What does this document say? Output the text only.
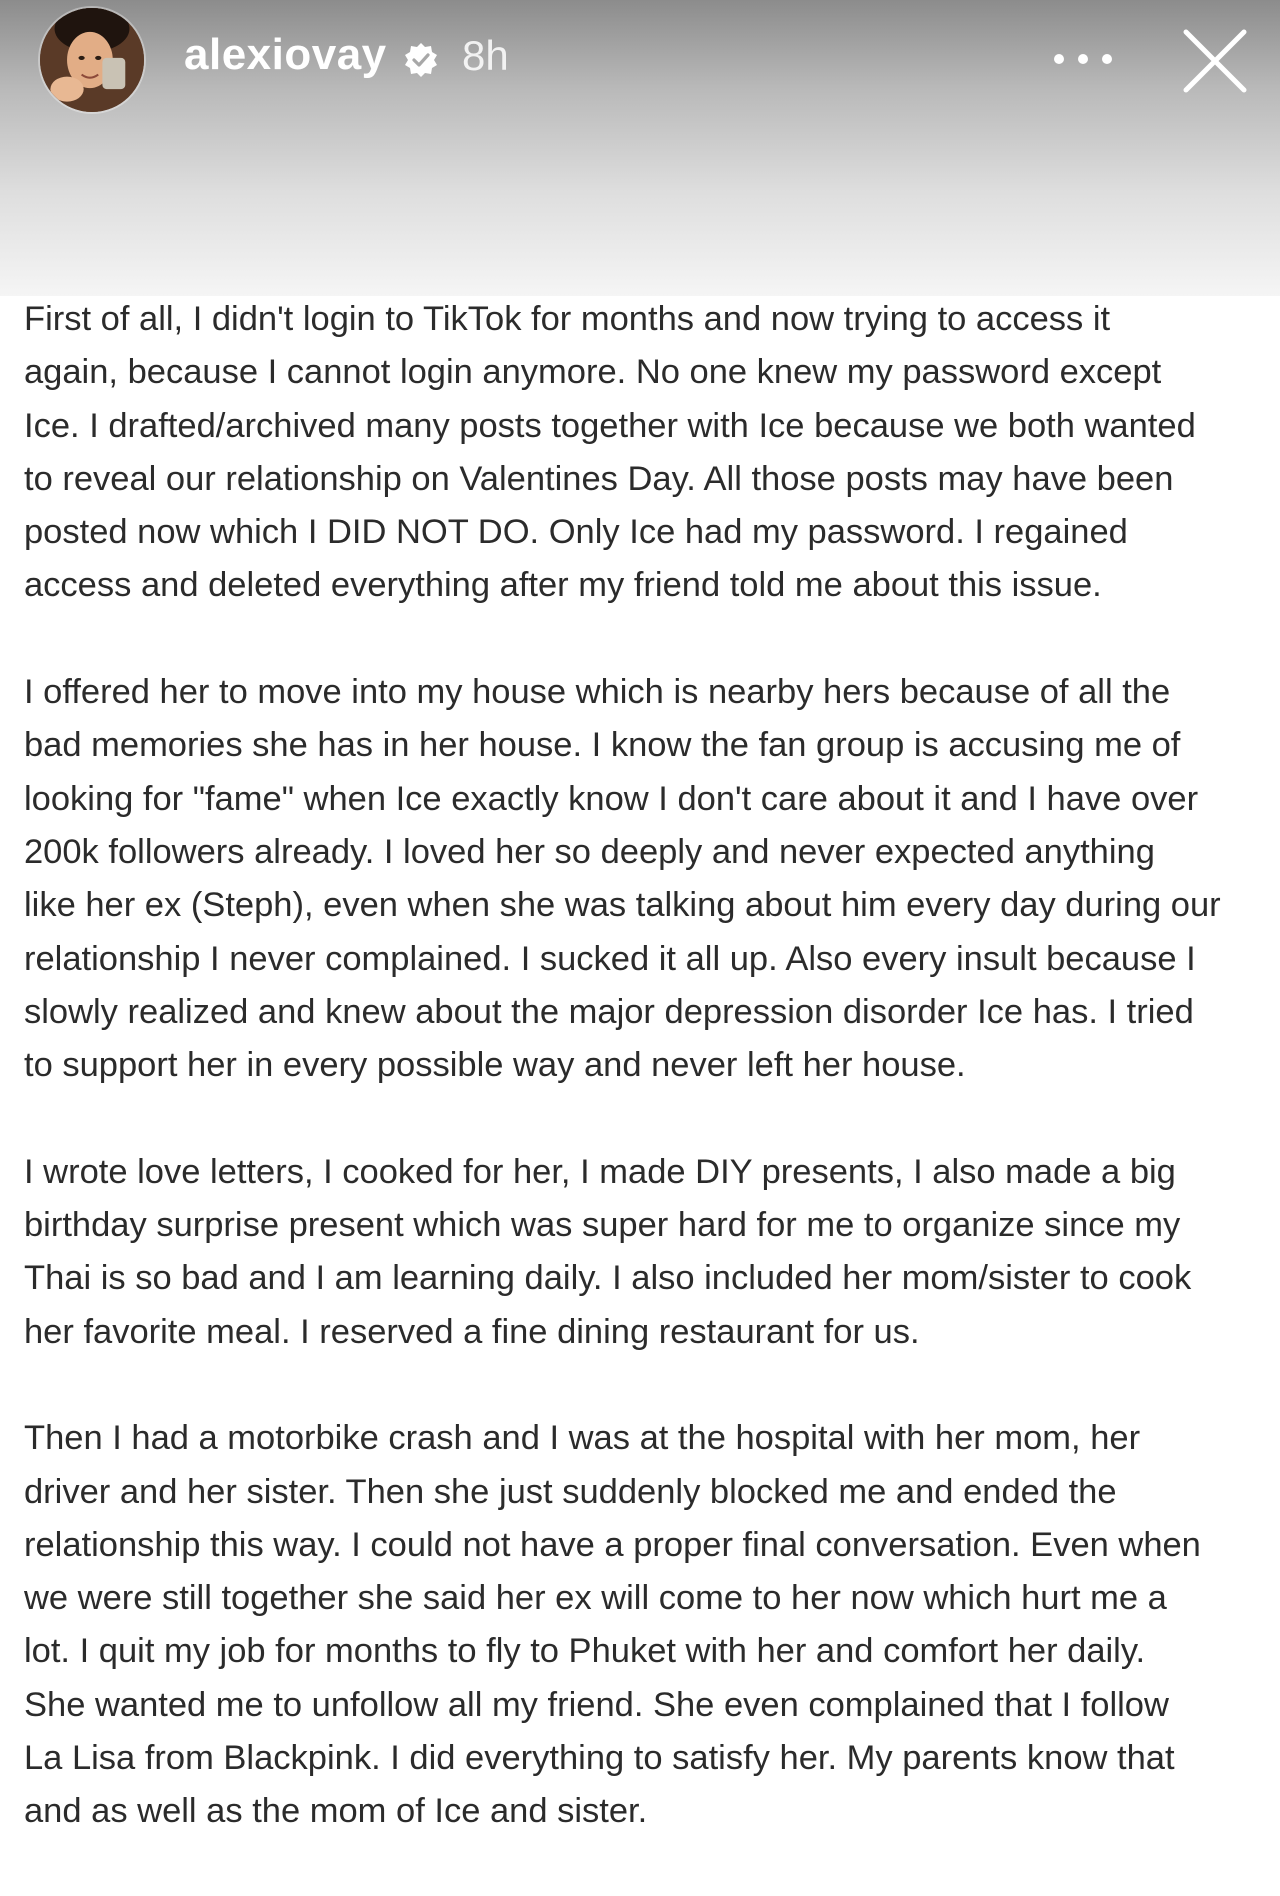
alexiovay 8h
First of all, I didn't login to TikTok for months and now trying to access it
again, because I cannot login anymore. No one knew my password except
Ice. I drafted/archived many posts together with Ice because we both wanted
to reveal our relationship on Valentines Day. All those posts may have been
posted now which I DID NOT DO. Only Ice had my password. I regained
access and deleted everything after my friend told me about this issue.
I offered her to move into my house which is nearby hers because of all the
bad memories she has in her house. I know the fan group is accusing me of
looking for "fame" when Ice exactly know I don't care about it and I have over
200k followers already. I loved her so deeply and never expected anything
like her ex (Steph), even when she was talking about him every day during our
relationship I never complained. I sucked it all up. Also every insult because I
slowly realized and knew about the major depression disorder Ice has. I tried
to support her in every possible way and never left her house.
I wrote love letters, I cooked for her, I made DIY presents, I also made a big
birthday surprise present which was super hard for me to organize since my
Thai is so bad and I am learning daily. I also included her mom/sister to cook
her favorite meal. I reserved a fine dining restaurant for us.
Then I had a motorbike crash and I was at the hospital with her mom, her
driver and her sister. Then she just suddenly blocked me and ended the
relationship this way. I could not have a proper final conversation. Even when
we were still together she said her ex will come to her now which hurt me a
lot. I quit my job for months to fly to Phuket with her and comfort her daily.
She wanted me to unfollow all my friend. She even complained that I follow
La Lisa from Blackpink. I did everything to satisfy her. My parents know that
and as well as the mom of Ice and sister.
